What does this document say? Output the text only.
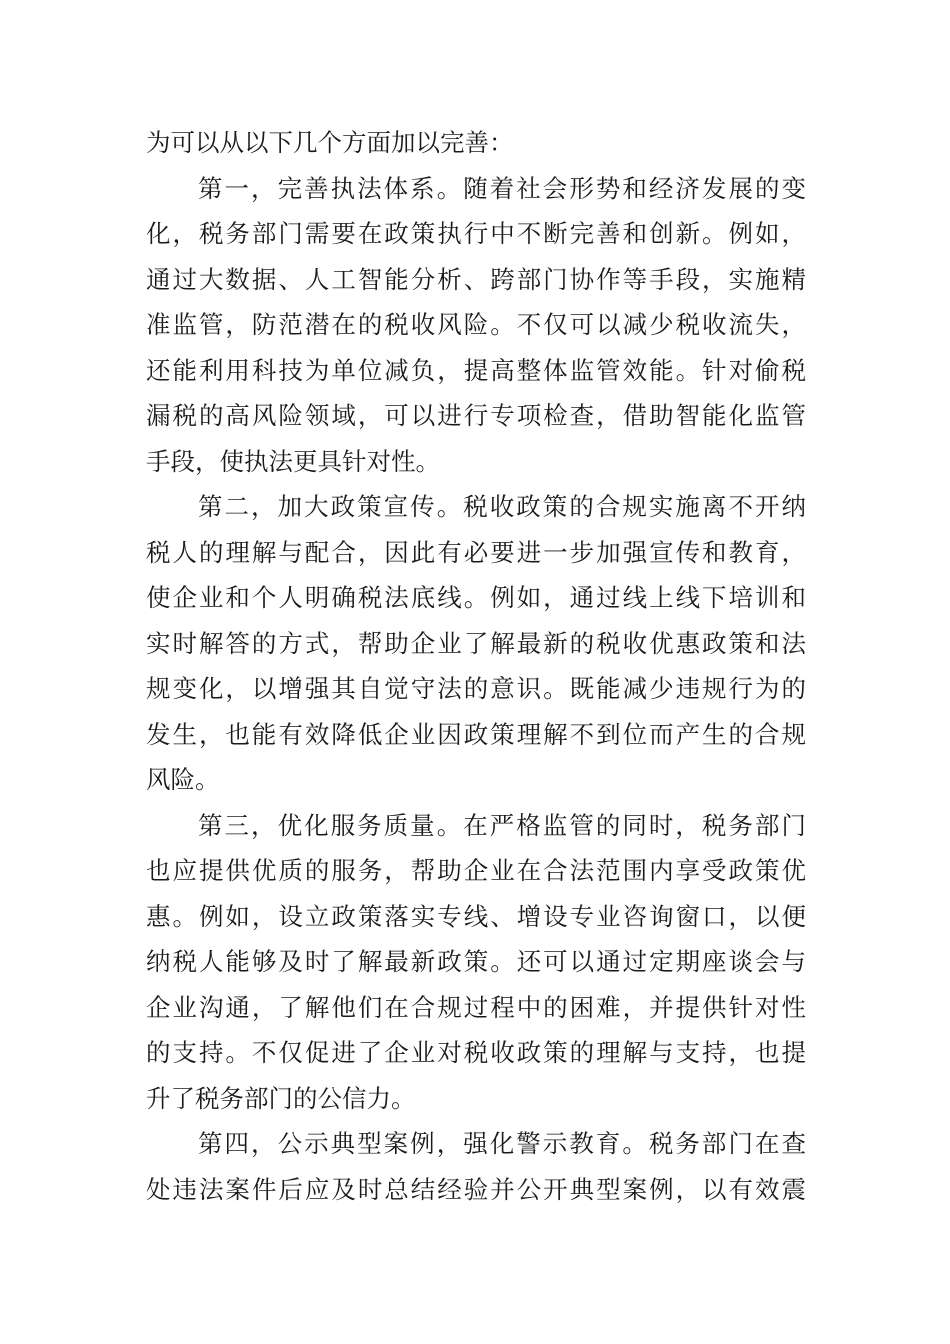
为可以从以下几个方面加以完善：
第一，完善执法体系。随着社会形势和经济发展的变
化，税务部门需要在政策执行中不断完善和创新。例如，
通过大数据、人工智能分析、跨部门协作等手段，实施精
准监管，防范潜在的税收风险。不仅可以减少税收流失，
还能利用科技为单位减负，提高整体监管效能。针对偷税
漏税的高风险领域，可以进行专项检查，借助智能化监管
手段，使执法更具针对性。
第二，加大政策宣传。税收政策的合规实施离不开纳
税人的理解与配合，因此有必要进一步加强宣传和教育，
使企业和个人明确税法底线。例如，通过线上线下培训和
实时解答的方式，帮助企业了解最新的税收优惠政策和法
规变化，以增强其自觉守法的意识。既能减少违规行为的
发生，也能有效降低企业因政策理解不到位而产生的合规
风险。
第三，优化服务质量。在严格监管的同时，税务部门
也应提供优质的服务，帮助企业在合法范围内享受政策优
惠。例如，设立政策落实专线、增设专业咨询窗口，以便
纳税人能够及时了解最新政策。还可以通过定期座谈会与
企业沟通，了解他们在合规过程中的困难，并提供针对性
的支持。不仅促进了企业对税收政策的理解与支持，也提
升了税务部门的公信力。
第四，公示典型案例，强化警示教育。税务部门在查
处违法案件后应及时总结经验并公开典型案例，以有效震
